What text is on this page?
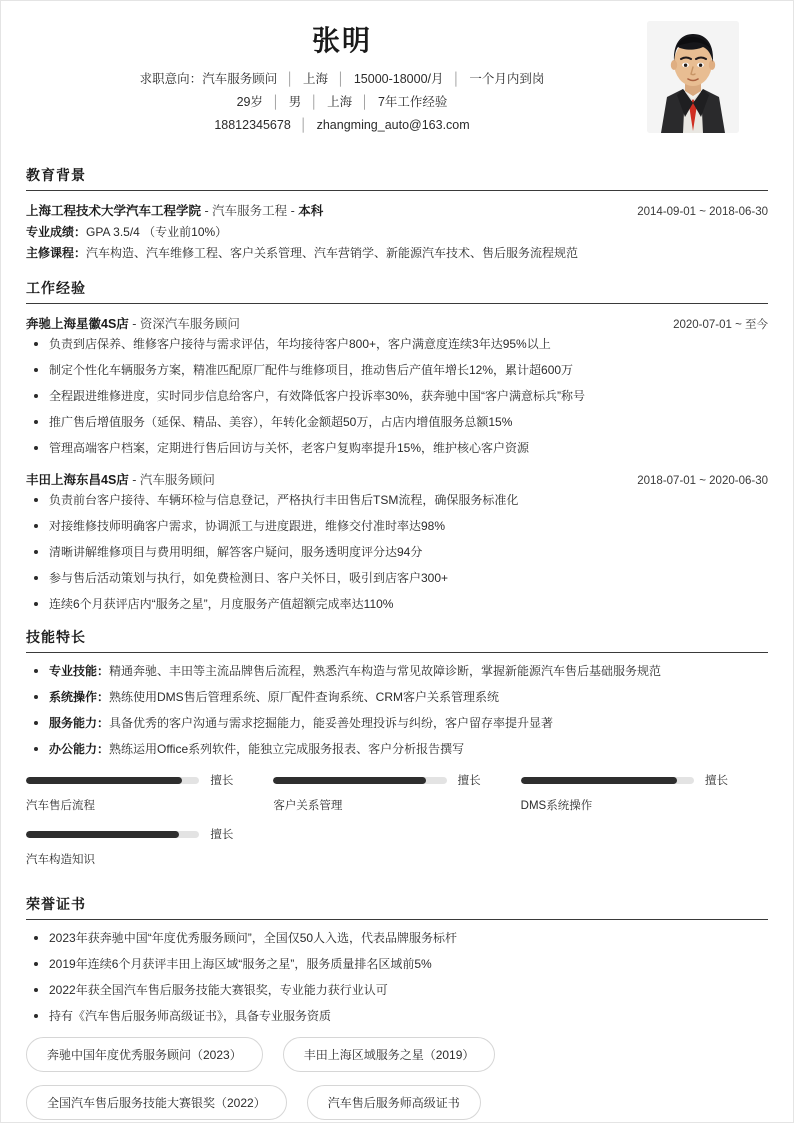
张明
求职意向：汽车服务顾问 │ 上海 │ 15000-18000/月 │ 一个月内到岗
29岁 │ 男 │ 上海 │ 7年工作经验
18812345678 │ zhangming_auto@163.com
教育背景
上海工程技术大学汽车工程学院 - 汽车服务工程 - 本科	2014-09-01 ~ 2018-06-30
专业成绩：GPA 3.5/4 （专业前10%）
主修课程：汽车构造、汽车维修工程、客户关系管理、汽车营销学、新能源汽车技术、售后服务流程规范
工作经验
奔驰上海星徽4S店 - 资深汽车服务顾问	2020-07-01 ~ 至今
负责到店保养、维修客户接待与需求评估，年均接待客户800+，客户满意度连续3年达95%以上
制定个性化车辆服务方案，精准匹配原厂配件与维修项目，推动售后产值年增长12%，累计超600万
全程跟进维修进度，实时同步信息给客户，有效降低客户投诉率30%，获奔驰中国“客户满意标兵”称号
推广售后增值服务（延保、精品、美容），年转化金额超50万，占店内增值服务总额15%
管理高端客户档案，定期进行售后回访与关怀，老客户复购率提升15%，维护核心客户资源
丰田上海东昌4S店 - 汽车服务顾问	2018-07-01 ~ 2020-06-30
负责前台客户接待、车辆环检与信息登记，严格执行丰田售后TSM流程，确保服务标准化
对接维修技师明确客户需求，协调派工与进度跟进，维修交付准时率达98%
清晰讲解维修项目与费用明细，解答客户疑问，服务透明度评分达94分
参与售后活动策划与执行，如免费检测日、客户关怀日，吸引到店客户300+
连续6个月获评店内“服务之星”，月度服务产值超额完成率达110%
技能特长
专业技能：精通奔驰、丰田等主流品牌售后流程，熟悉汽车构造与常见故障诊断，掌握新能源汽车售后基础服务规范
系统操作：熟练使用DMS售后管理系统、原厂配件查询系统、CRM客户关系管理系统
服务能力：具备优秀的客户沟通与需求挖掘能力，能妥善处理投诉与纠纷，客户留存率提升显著
办公能力：熟练运用Office系列软件，能独立完成服务报表、客户分析报告撰写
擅长
汽车售后流程
擅长
客户关系管理
擅长
DMS系统操作
擅长
汽车构造知识
荣誉证书
2023年获奔驰中国“年度优秀服务顾问”，全国仅50人入选，代表品牌服务标杆
2019年连续6个月获评丰田上海区域“服务之星”，服务质量排名区域前5%
2022年获全国汽车售后服务技能大赛银奖，专业能力获行业认可
持有《汽车售后服务师高级证书》，具备专业服务资质
奔驰中国年度优秀服务顾问（2023）	丰田上海区域服务之星（2019）
全国汽车售后服务技能大赛银奖（2022）	汽车售后服务师高级证书
